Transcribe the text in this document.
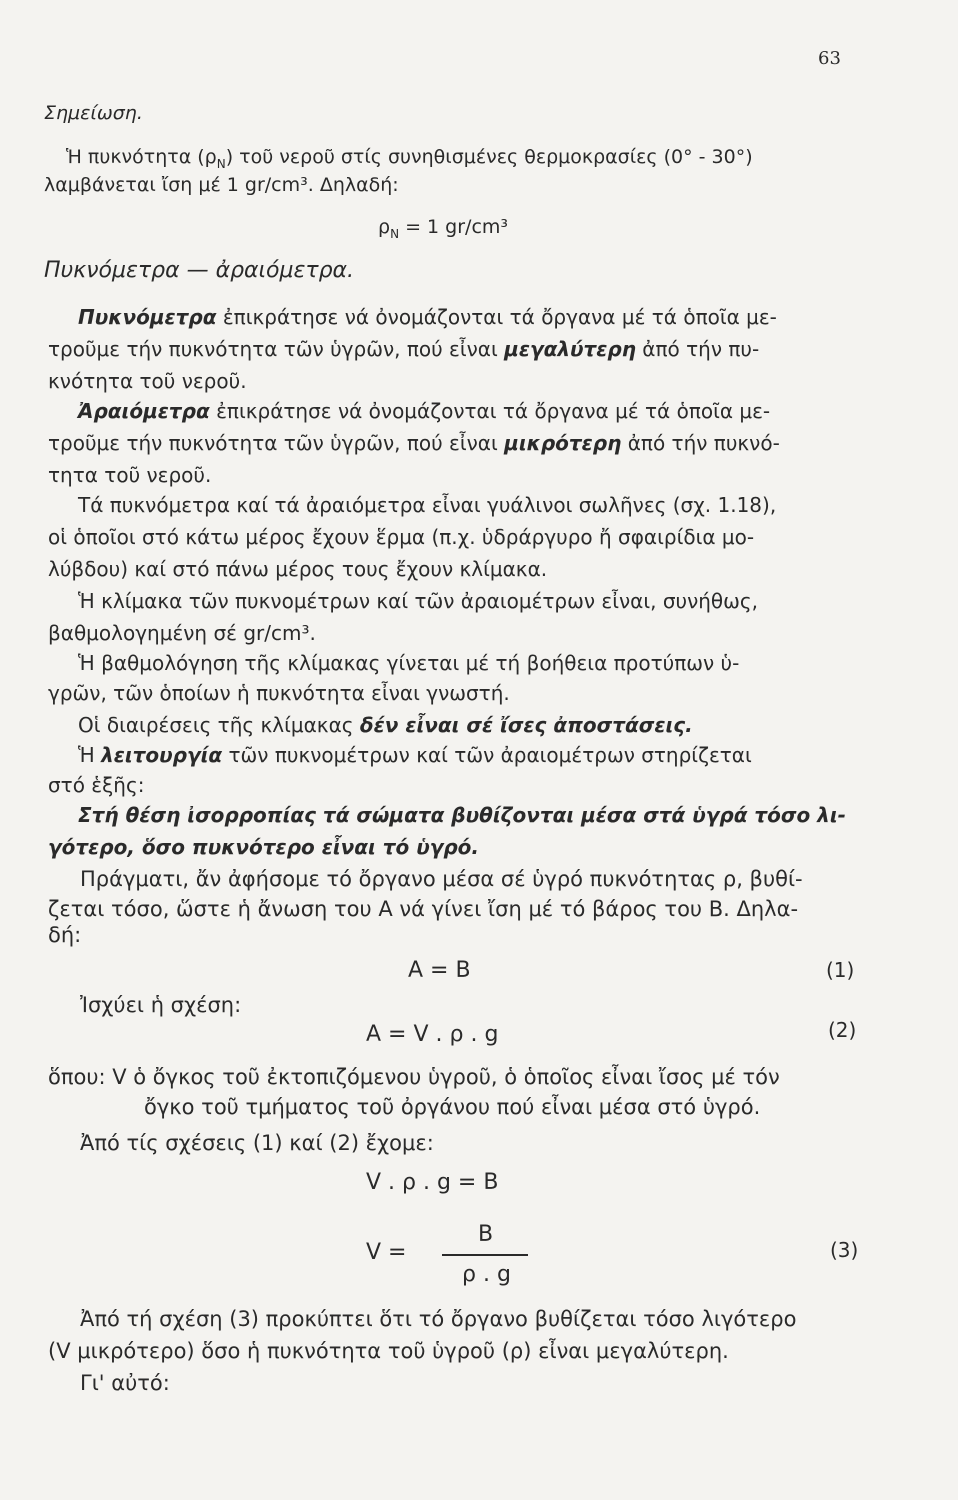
63
Σημείωση.
Ἡ πυκνότητα $(\rho_N)$ τοῦ νεροῦ στίς συνηθισμένες θερμοκρασίες (0° - 30°)
λαμβάνεται ἴση μέ 1 gr/cm³. Δηλαδή:
$\rho_N = 1$ gr/cm³
Πυκνόμετρα — ἀραιόμετρα.
Πυκνόμετρα ἐπικράτησε νά ὀνομάζονται τά ὄργανα μέ τά ὁποῖα με-
τροῦμε τήν πυκνότητα τῶν ὑγρῶν, πού εἶναι μεγαλύτερη ἀπό τήν πυ-
κνότητα τοῦ νεροῦ.
Ἀραιόμετρα ἐπικράτησε νά ὀνομάζονται τά ὄργανα μέ τά ὁποῖα με-
τροῦμε τήν πυκνότητα τῶν ὑγρῶν, πού εἶναι μικρότερη ἀπό τήν πυκνό-
τητα τοῦ νεροῦ.
Τά πυκνόμετρα καί τά ἀραιόμετρα εἶναι γυάλινοι σωλῆνες (σχ. 1.18),
οἱ ὁποῖοι στό κάτω μέρος ἔχουν ἕρμα (π.χ. ὑδράργυρο ἤ σφαιρίδια μο-
λύβδου) καί στό πάνω μέρος τους ἔχουν κλίμακα.
Ἡ κλίμακα τῶν πυκνομέτρων καί τῶν ἀραιομέτρων εἶναι, συνήθως,
βαθμολογημένη σέ gr/cm³.
Ἡ βαθμολόγηση τῆς κλίμακας γίνεται μέ τή βοήθεια προτύπων ὑ-
γρῶν, τῶν ὁποίων ἡ πυκνότητα εἶναι γνωστή.
Οἱ διαιρέσεις τῆς κλίμακας δέν εἶναι σέ ἴσες ἀποστάσεις.
Ἡ λειτουργία τῶν πυκνομέτρων καί τῶν ἀραιομέτρων στηρίζεται
στό ἑξῆς:
Στή θέση ἰσορροπίας τά σώματα βυθίζονται μέσα στά ὑγρά τόσο λι-
γότερο, ὅσο πυκνότερο εἶναι τό ὑγρό.
Πράγματι, ἄν ἀφήσομε τό ὄργανο μέσα σέ ὑγρό πυκνότητας ρ, βυθί-
ζεται τόσο, ὥστε ἡ ἄνωση του Α νά γίνει ἴση μέ τό βάρος του Β. Δηλα-
δή:
Α = Β	(1)
Ἰσχύει ἡ σχέση:
Α = V . ρ . g	(2)
ὅπου: V ὁ ὄγκος τοῦ ἐκτοπιζόμενου ὑγροῦ, ὁ ὁποῖος εἶναι ἴσος μέ τόν
ὄγκο τοῦ τμήματος τοῦ ὀργάνου πού εἶναι μέσα στό ὑγρό.
Ἀπό τίς σχέσεις (1) καί (2) ἔχομε:
V . ρ . g = Β
Β
V =
ρ . g
(3)
Ἀπό τή σχέση (3) προκύπτει ὅτι τό ὄργανο βυθίζεται τόσο λιγότερο
(V μικρότερο) ὅσο ἡ πυκνότητα τοῦ ὑγροῦ (ρ) εἶναι μεγαλύτερη.
Γι' αὐτό:
